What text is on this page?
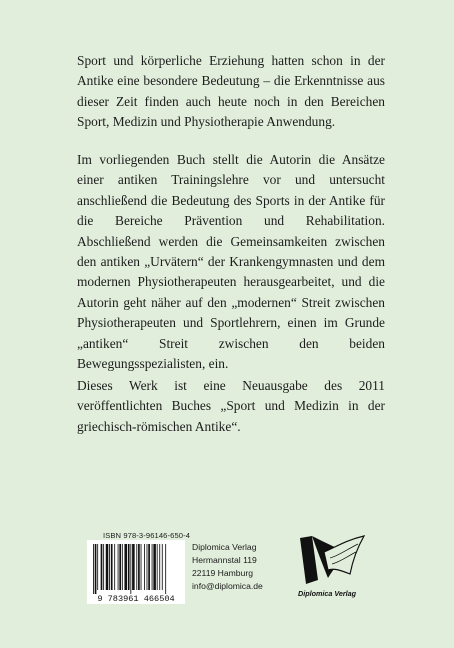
Sport und körperliche Erziehung hatten schon in der Antike eine besondere Bedeutung – die Erkenntnisse aus dieser Zeit finden auch heute noch in den Bereichen Sport, Medizin und Physiotherapie Anwendung.

Im vorliegenden Buch stellt die Autorin die Ansätze einer antiken Trainingslehre vor und untersucht anschließend die Bedeutung des Sports in der Antike für die Bereiche Prävention und Rehabilitation. Abschließend werden die Gemeinsamkeiten zwischen den antiken „Urvätern“ der Krankengymnasten und dem modernen Physiotherapeuten herausgearbeitet, und die Autorin geht näher auf den „modernen“ Streit zwischen Physiotherapeuten und Sportlehrern, einen im Grunde „antiken“ Streit zwischen den beiden Bewegungsspezialisten, ein.

Dieses Werk ist eine Neuausgabe des 2011 veröffentlichten Buches „Sport und Medizin in der griechisch-römischen Antike“.

ISBN 978-3-96146-650-4
9 783961 466504
Diplomica Verlag
Hermannstal 119
22119 Hamburg
info@diplomica.de
Diplomica Verlag
